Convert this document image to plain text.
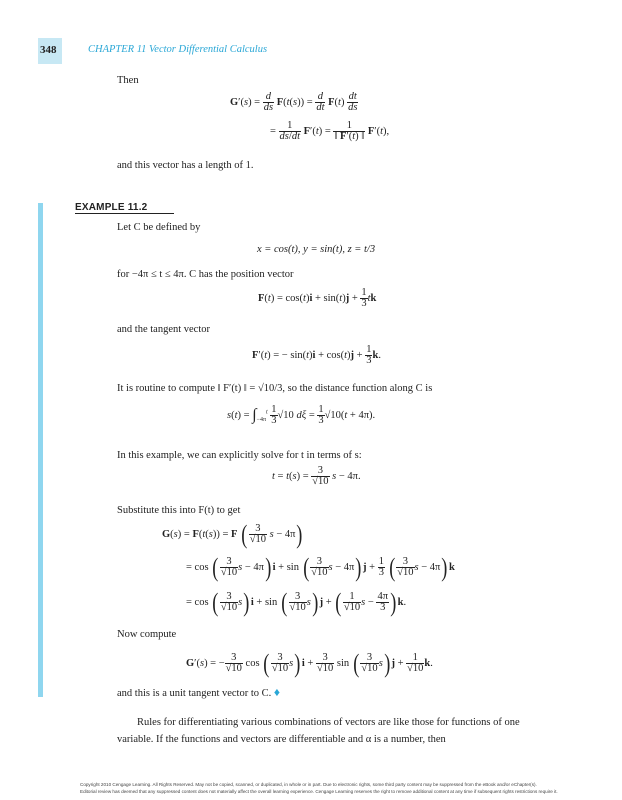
348	CHAPTER 11 Vector Differential Calculus
Then
$G'(s) = \frac{d}{ds} F(t(s)) = \frac{d}{dt} F(t) \frac{dt}{ds}$
= $\frac{1}{ds/dt} F'(t) = \frac{1}{‖ F'(t) ‖} F'(t)$,
and this vector has a length of 1.
EXAMPLE 11.2
Let C be defined by
x = cos(t), y = sin(t), z = t/3
for −4π ≤ t ≤ 4π. C has the position vector
$F(t) = \cos(t)i + \sin(t)j + \frac{1}{3}$ tk
and the tangent vector
F′(t) = − $\sin(t)i + \cos(t)j + \frac{1}{3} k$.
It is routine to compute ‖ F′(t) ‖ = √10/3, so the distance function along C is
$s(t) = \int_{-4\pi}^t \frac{1}{3} √10$ $d\xi = \frac{1}{3} √10(t + 4\pi)$.
In this example, we can explicitly solve for t in terms of s:
$t = t(s) = \frac{3}{√10}$ s − 4π.
Substitute this into F(t) to get
G(s) = F(t(s)) = F ( $\frac{3}{√10}$ s − 4π)
= cos ( $\frac{3}{√10}$ s − 4π)i + sin ( $\frac{3}{√10}$ $s - 4\pi)j + \frac{1}{3}$ ( $\frac{3}{√10}$ s − 4π)k
= cos ( $\frac{3}{√10} s)i + \sin$ ( $\frac{3}{√10} s)j$ + ( $\frac{1}{√10}$ $s - \frac{4\pi}{3} )k$.
Now compute
G′(s) = − $\frac{3}{√10}$ cos ( $\frac{3}{√10} s)i + \frac{3}{√10}$ sin ( $\frac{3}{√10} s)j + \frac{1}{√10} k$.
and this is a unit tangent vector to C. ♦
Rules for differentiating various combinations of vectors are like those for functions of one
variable. If the functions and vectors are differentiable and α is a number, then
Copyright 2010 Cengage Learning. All Rights Reserved. May not be copied, scanned, or duplicated, in whole or in part. Due to electronic rights, some third party content may be suppressed from the eBook and/or eChapter(s).
Editorial review has deemed that any suppressed content does not materially affect the overall learning experience. Cengage Learning reserves the right to remove additional content at any time if subsequent rights restrictions require it.
